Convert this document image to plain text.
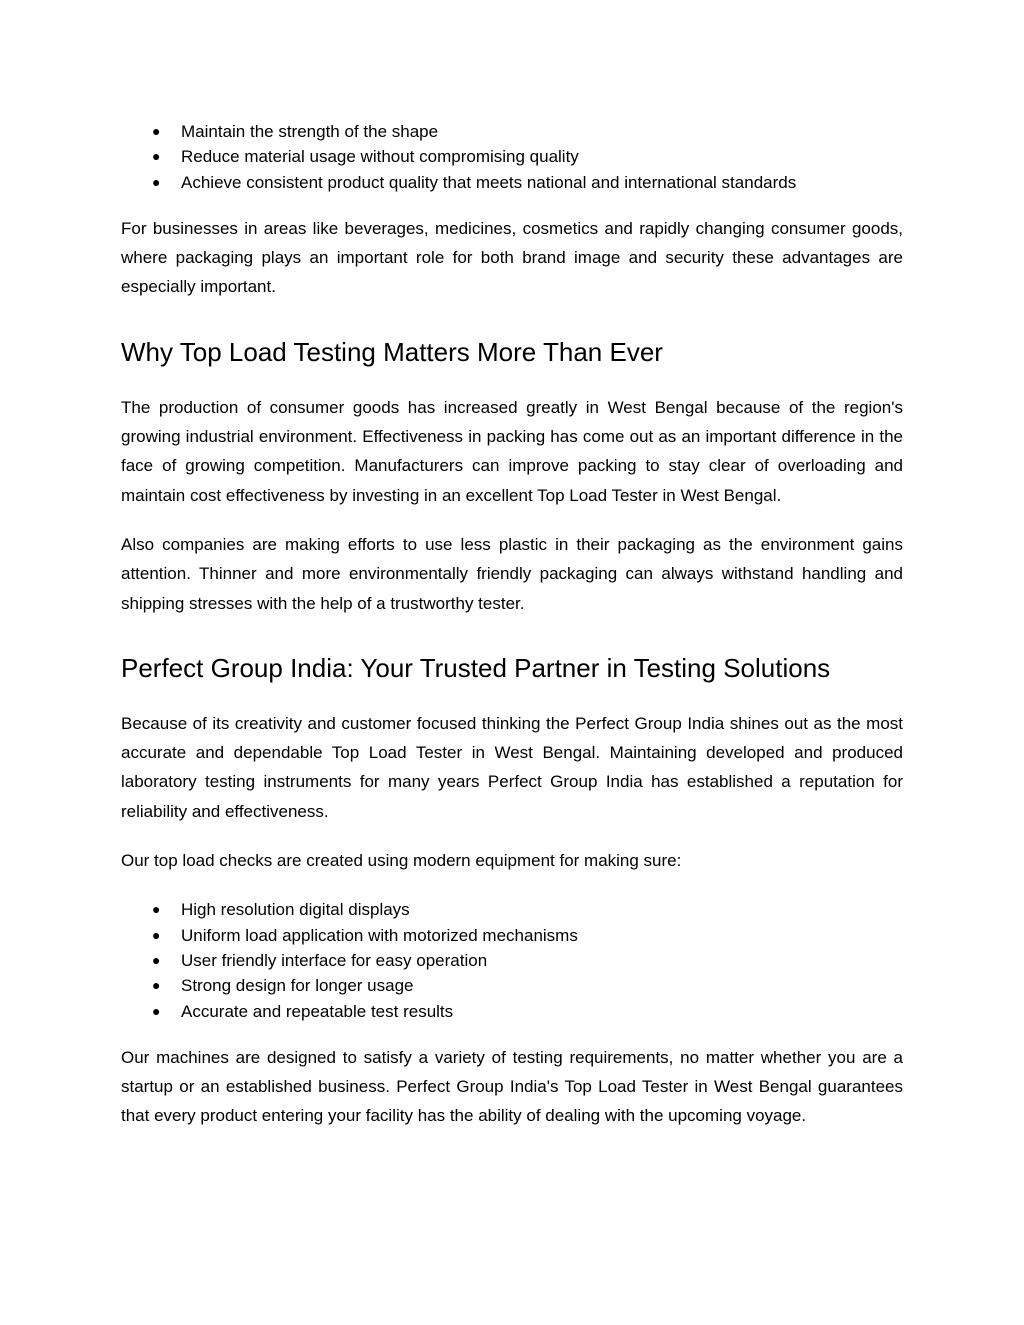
● Maintain the strength of the shape
● Reduce material usage without compromising quality
● Achieve consistent product quality that meets national and international standards

For businesses in areas like beverages, medicines, cosmetics and rapidly changing consumer goods, where packaging plays an important role for both brand image and security these advantages are especially important.

Why Top Load Testing Matters More Than Ever

The production of consumer goods has increased greatly in West Bengal because of the region's growing industrial environment. Effectiveness in packing has come out as an important difference in the face of growing competition. Manufacturers can improve packing to stay clear of overloading and maintain cost effectiveness by investing in an excellent Top Load Tester in West Bengal.

Also companies are making efforts to use less plastic in their packaging as the environment gains attention. Thinner and more environmentally friendly packaging can always withstand handling and shipping stresses with the help of a trustworthy tester.

Perfect Group India: Your Trusted Partner in Testing Solutions

Because of its creativity and customer focused thinking the Perfect Group India shines out as the most accurate and dependable Top Load Tester in West Bengal. Maintaining developed and produced laboratory testing instruments for many years Perfect Group India has established a reputation for reliability and effectiveness.

Our top load checks are created using modern equipment for making sure:

● High resolution digital displays
● Uniform load application with motorized mechanisms
● User friendly interface for easy operation
● Strong design for longer usage
● Accurate and repeatable test results

Our machines are designed to satisfy a variety of testing requirements, no matter whether you are a startup or an established business. Perfect Group India's Top Load Tester in West Bengal guarantees that every product entering your facility has the ability of dealing with the upcoming voyage.
